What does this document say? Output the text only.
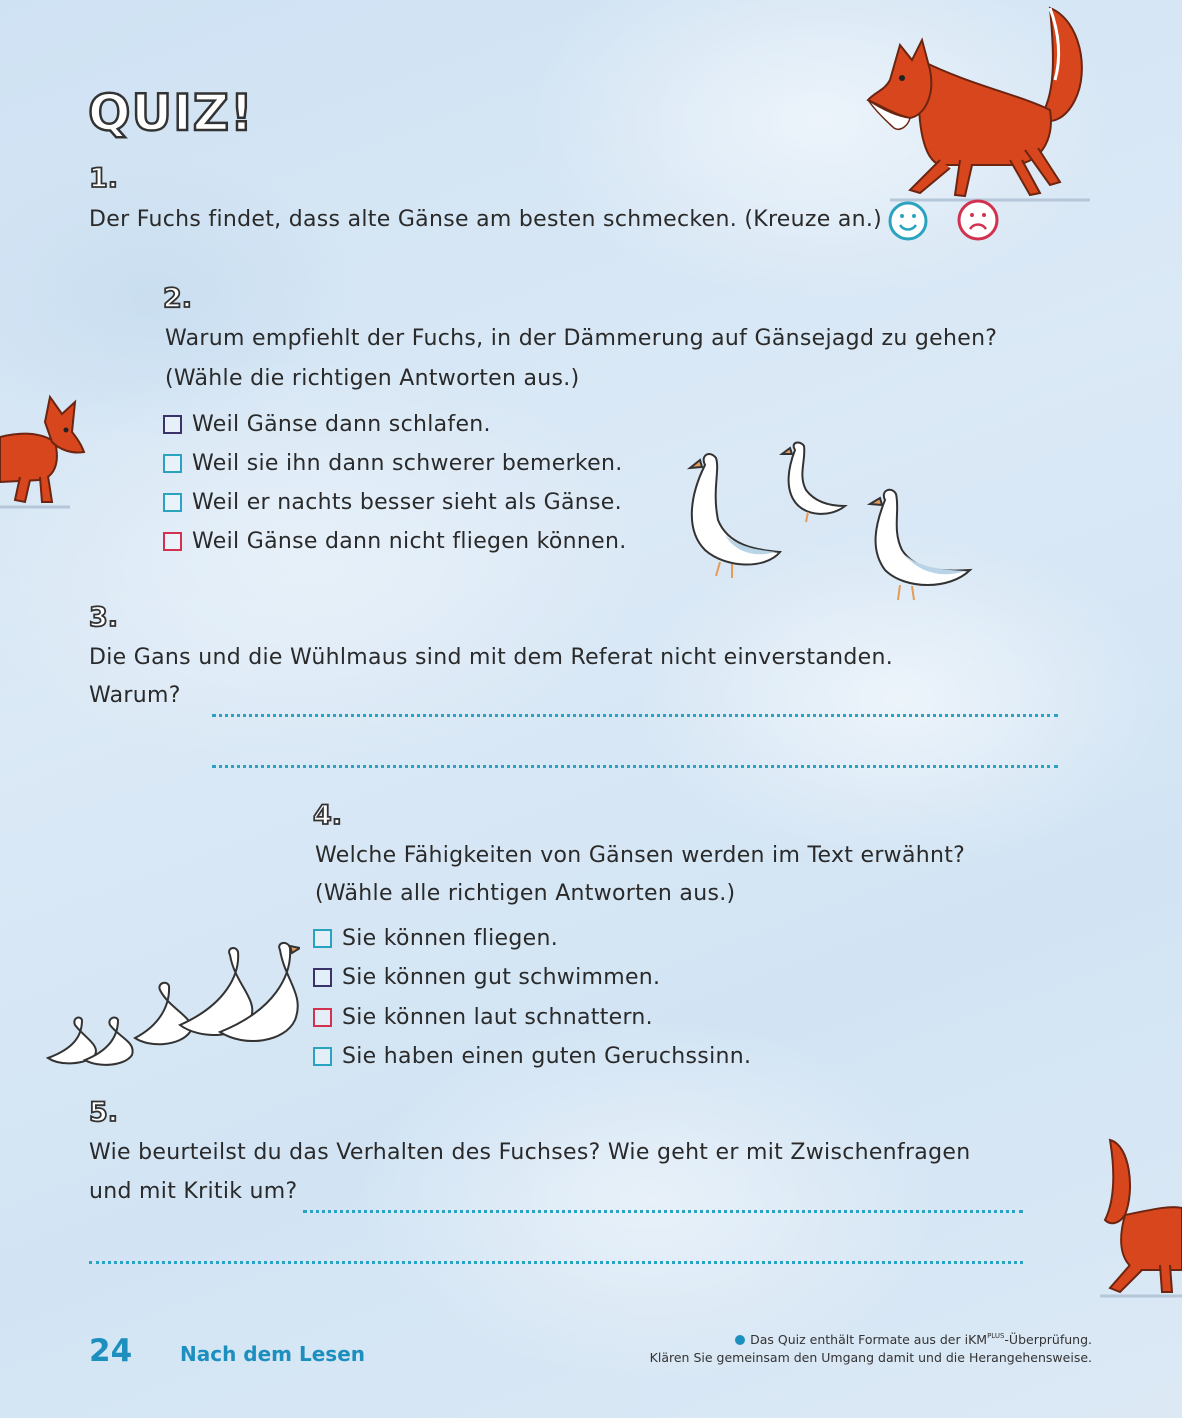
QUIZ!
1.
Der Fuchs findet, dass alte Gänse am besten schmecken. (Kreuze an.)
2.
Warum empfiehlt der Fuchs, in der Dämmerung auf Gänsejagd zu gehen?
(Wähle die richtigen Antworten aus.)
Weil Gänse dann schlafen.
Weil sie ihn dann schwerer bemerken.
Weil er nachts besser sieht als Gänse.
Weil Gänse dann nicht fliegen können.
3.
Die Gans und die Wühlmaus sind mit dem Referat nicht einverstanden.
Warum?
4.
Welche Fähigkeiten von Gänsen werden im Text erwähnt?
(Wähle alle richtigen Antworten aus.)
Sie können fliegen.
Sie können gut schwimmen.
Sie können laut schnattern.
Sie haben einen guten Geruchssinn.
5.
Wie beurteilst du das Verhalten des Fuchses? Wie geht er mit Zwischenfragen
und mit Kritik um?
24 Nach dem Lesen
Das Quiz enthält Formate aus der iKM$^{PLUS}$-Überprüfung.
Klären Sie gemeinsam den Umgang damit und die Herangehensweise.
